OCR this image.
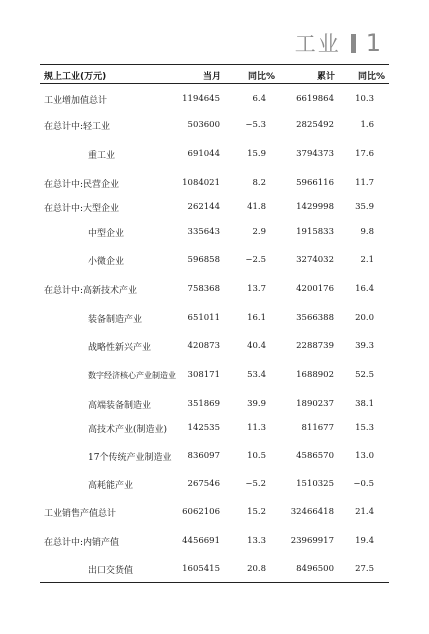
工业 1
规上工业(万元)	当月	同比%	累计	同比%
工业增加值总计	1194645	6.4	6619864 10.3
在总计中:轻工业	503600	−5.3	2825492	1.6
重工业	691044	15.9	3794373 17.6
在总计中:民营企业	1084021	8.2	5966116 11.7
在总计中:大型企业	262144	41.8	1429998 35.9
中型企业	335643	2.9	1915833	9.8
小微企业	596858	−2.5	3274032	2.1
在总计中:高新技术产业	758368	13.7	4200176 16.4
装备制造产业	651011	16.1	3566388 20.0
战略性新兴产业	420873	40.4	2288739 39.3
数字经济核心产业制造业 308171	53.4	1688902 52.5
高端装备制造业	351869	39.9	1890237 38.1
高技术产业(制造业) 142535	11.3	811677 15.3
17个传统产业制造业 836097	10.5	4586570 13.0
高耗能产业	267546	−5.2	1510325 −0.5
工业销售产值总计	6062106	15.2	32466418 21.4
在总计中:内销产值	4456691	13.3	23969917 19.4
出口交货值	1605415	20.8	8496500 27.5
